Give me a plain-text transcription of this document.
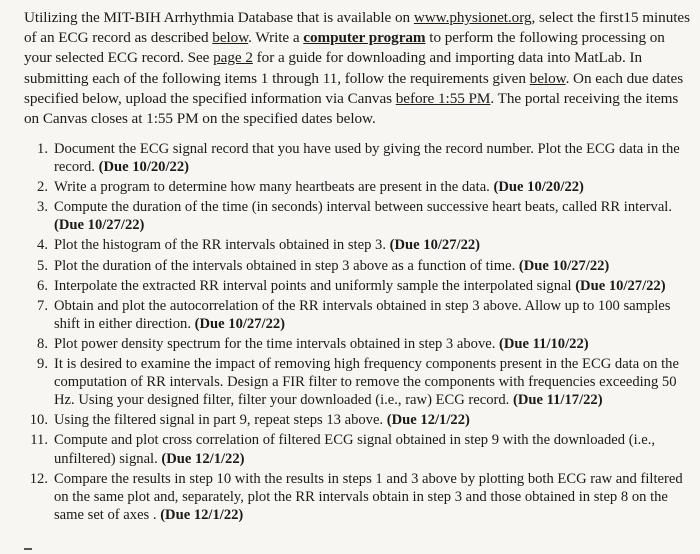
Utilizing the MIT-BIH Arrhythmia Database that is available on www.physionet.org, select the first15 minutes of an ECG record as described below. Write a computer program to perform the following processing on your selected ECG record. See page 2 for a guide for downloading and importing data into MatLab. In submitting each of the following items 1 through 11, follow the requirements given below. On each due dates specified below, upload the specified information via Canvas before 1:55 PM. The portal receiving the items on Canvas closes at 1:55 PM on the specified dates below.

1 . Document the ECG signal record that you have used by giving the record number. Plot the ECG data in the record. (Due 10/20/22)
2 . Write a program to determine how many heartbeats are present in the data. (Due 10/20/22)
3 . Compute the duration of the time (in seconds) interval between successive heart beats, called RR interval. (Due 10/27/22)
4 . Plot the histogram of the RR intervals obtained in step 3. (Due 10/27/22)
5 . Plot the duration of the intervals obtained in step 3 above as a function of time. (Due 10/27/22)
6 . Interpolate the extracted RR interval points and uniformly sample the interpolated signal (Due 10/27/22)
7 . Obtain and plot the autocorrelation of the RR intervals obtained in step 3 above. Allow up to 100 samples shift in either direction. (Due 10/27/22)
8 . Plot power density spectrum for the time intervals obtained in step 3 above. (Due 11/10/22)
9 . It is desired to examine the impact of removing high frequency components present in the ECG data on the computation of RR intervals. Design a FIR filter to remove the components with frequencies exceeding 50 Hz. Using your designed filter, filter your downloaded (i.e., raw) ECG record. (Due 11/17/22)
10 . Using the filtered signal in part 9, repeat steps 13 above. (Due 12/1/22)
11 . Compute and plot cross correlation of filtered ECG signal obtained in step 9 with the downloaded (i.e., unfiltered) signal. (Due 12/1/22)
12 . Compare the results in step 10 with the results in steps 1 and 3 above by plotting both ECG raw and filtered on the same plot and, separately, plot the RR intervals obtain in step 3 and those obtained in step 8 on the same set of axes . (Due 12/1/22)
